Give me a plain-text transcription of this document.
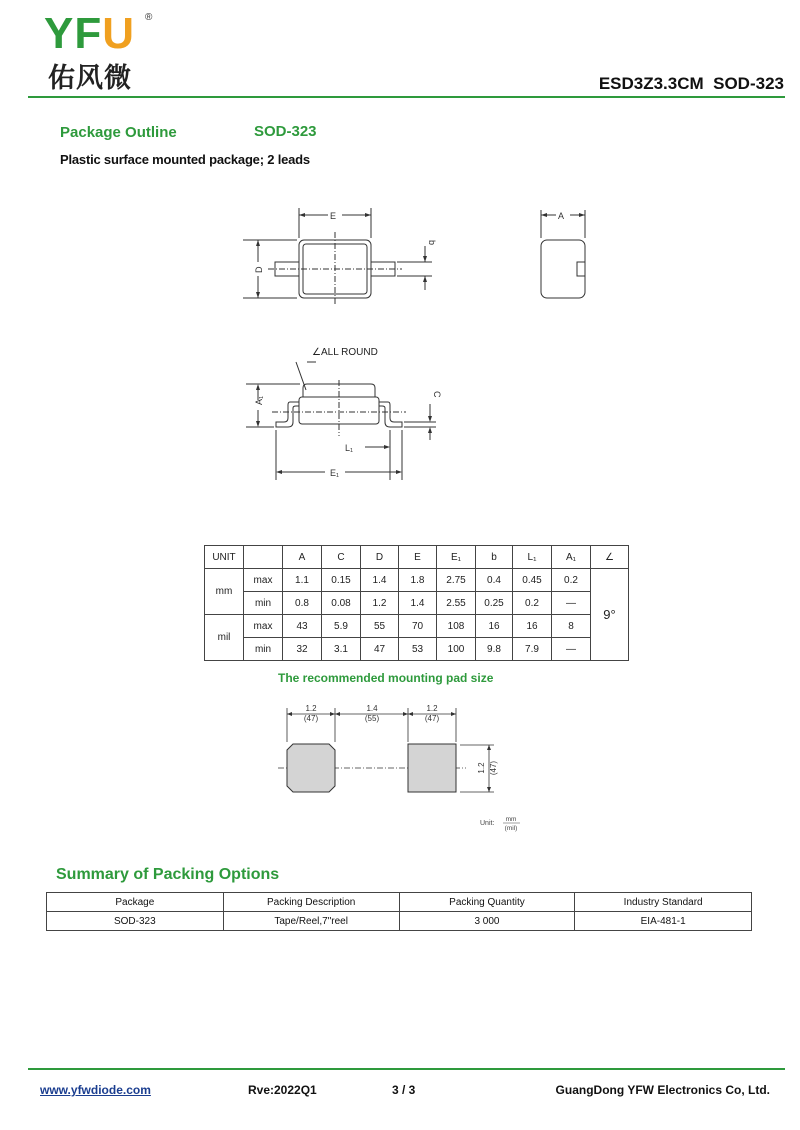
YFU ®
佑风微	ESD3Z3.3CM  SOD-323
Package Outline	SOD-323
Plastic surface mounted package; 2 leads
E
D
b
A
∠ALL ROUND
A₁
C
L₁
E₁
UNIT		A	C	D	E	E₁	b	L₁	A₁	∠
mm	max	1.1	0.15	1.4	1.8	2.75	0.4	0.45	0.2	9°
	min	0.8	0.08	1.2	1.4	2.55	0.25	0.2	—	
mil	max	43	5.9	55	70	108	16	16	8	
	min	32	3.1	47	53	100	9.8	7.9	—	
The recommended mounting pad size
1.2
(47)
1.4
(55)
1.2
(47)
1.2 (47)
Unit:
mm
(mil)
Summary of Packing Options
Package	Packing Description	Packing Quantity	Industry Standard
SOD-323	Tape/Reel,7"reel	3 000	EIA-481-1
www.yfwdiode.com	Rve:2022Q1	3 / 3	GuangDong YFW Electronics Co, Ltd.
